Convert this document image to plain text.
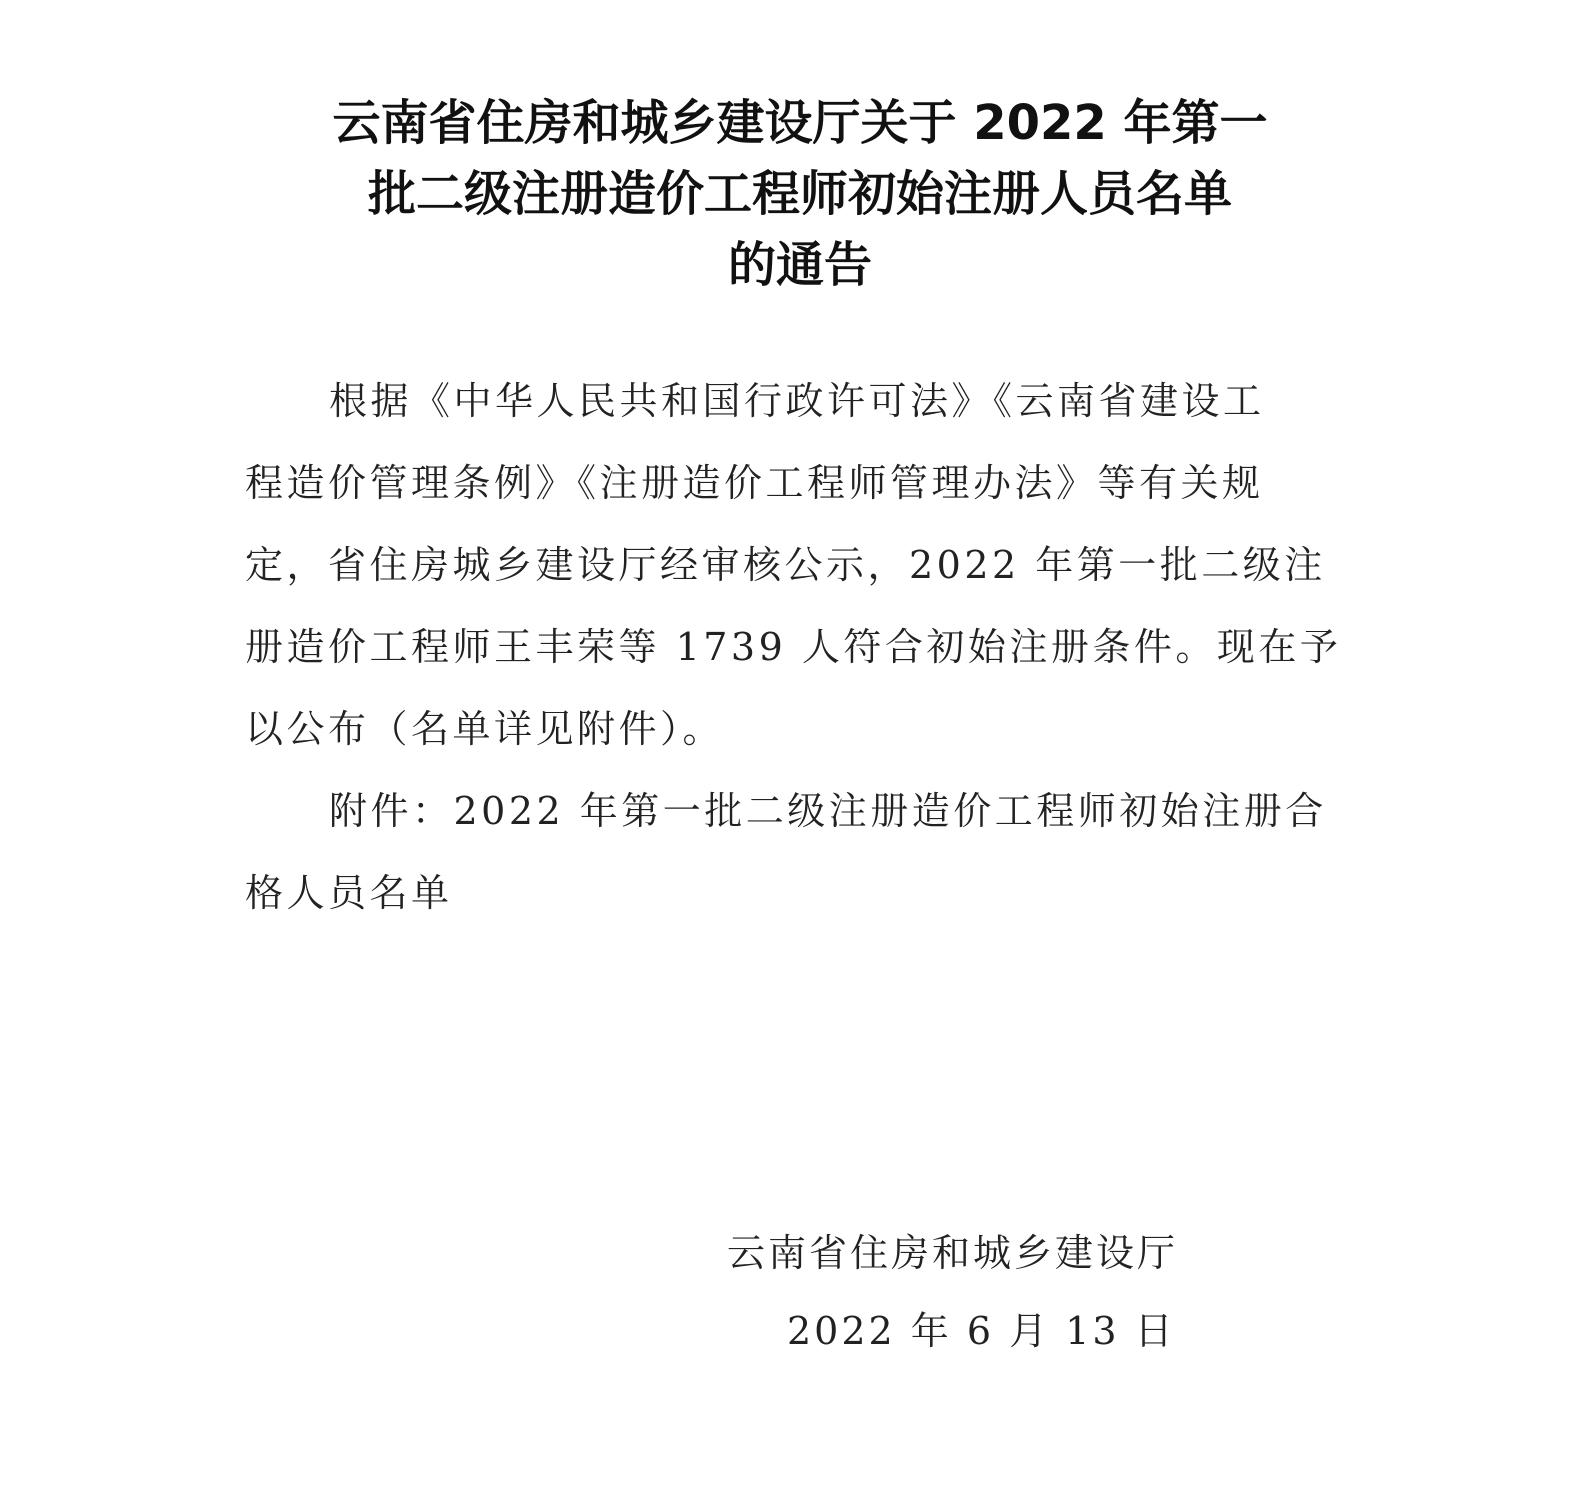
云南省住房和城乡建设厅关于 2022 年第一
批二级注册造价工程师初始注册人员名单
的通告

根据《中华人民共和国行政许可法》《云南省建设工
程造价管理条例》《注册造价工程师管理办法》等有关规
定，省住房城乡建设厅经审核公示，2022 年第一批二级注
册造价工程师王丰荣等 1739 人符合初始注册条件。现在予
以公布（名单详见附件）。

附件：2022 年第一批二级注册造价工程师初始注册合
格人员名单

云南省住房和城乡建设厅
2022 年 6 月 13 日
